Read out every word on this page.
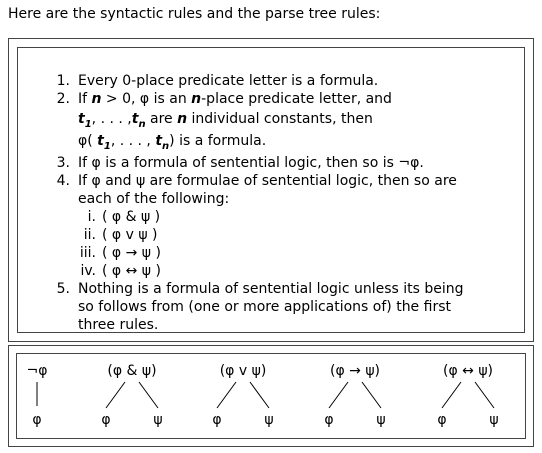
Here are the syntactic rules and the parse tree rules:
1. Every 0-place predicate letter is a formula.
2. If n > 0, φ is an n-place predicate letter, and
$t_1$, . . . $,t_n$ are n individual constants, then
φ( $t_1$, . . . , $t_n$) is a formula.
3. If φ is a formula of sentential logic, then so is ¬φ.
4. If φ and ψ are formulae of sentential logic, then so are
each of the following:
i. ( φ & ψ )
ii. ( φ v ψ )
iii. ( φ → ψ )
iv. ( φ ↔ ψ )
5. Nothing is a formula of sentential logic unless its being
so follows from (one or more applications of) the first
three rules.
¬φ
φ
(φ & ψ)
φ	ψ
(φ v ψ)
φ	ψ
(φ → ψ)
φ	ψ
(φ ↔ ψ)
φ	ψ
